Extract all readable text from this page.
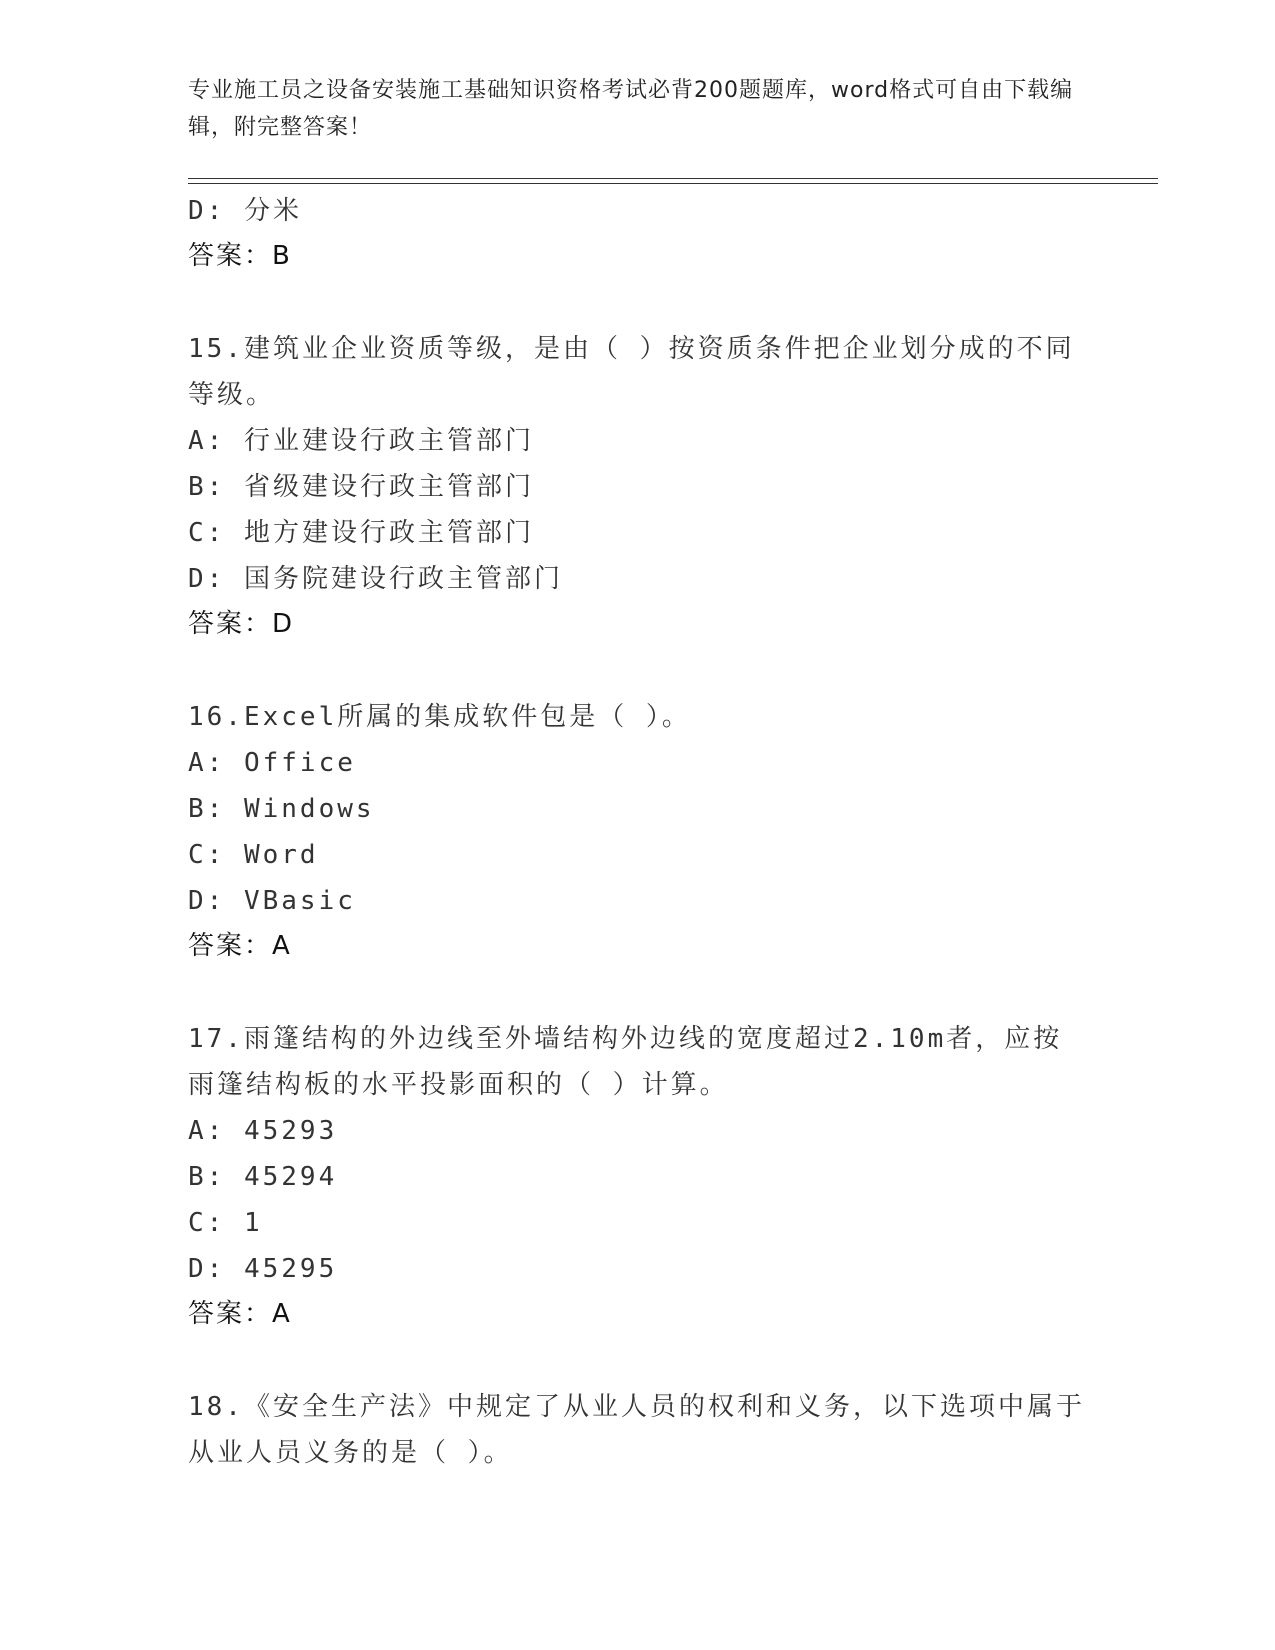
专业施工员之设备安装施工基础知识资格考试必背200题题库，word格式可自由下载编辑，附完整答案！
D: 分米
答案：B
15.建筑业企业资质等级，是由（ ）按资质条件把企业划分成的不同等级。
A: 行业建设行政主管部门
B: 省级建设行政主管部门
C: 地方建设行政主管部门
D: 国务院建设行政主管部门
答案：D
16.Excel所属的集成软件包是（ ）。
A: Office
B: Windows
C: Word
D: VBasic
答案：A
17.雨篷结构的外边线至外墙结构外边线的宽度超过2.10m者，应按雨篷结构板的水平投影面积的（ ）计算。
A: 45293
B: 45294
C: 1
D: 45295
答案：A
18.《安全生产法》中规定了从业人员的权利和义务，以下选项中属于从业人员义务的是（ ）。
